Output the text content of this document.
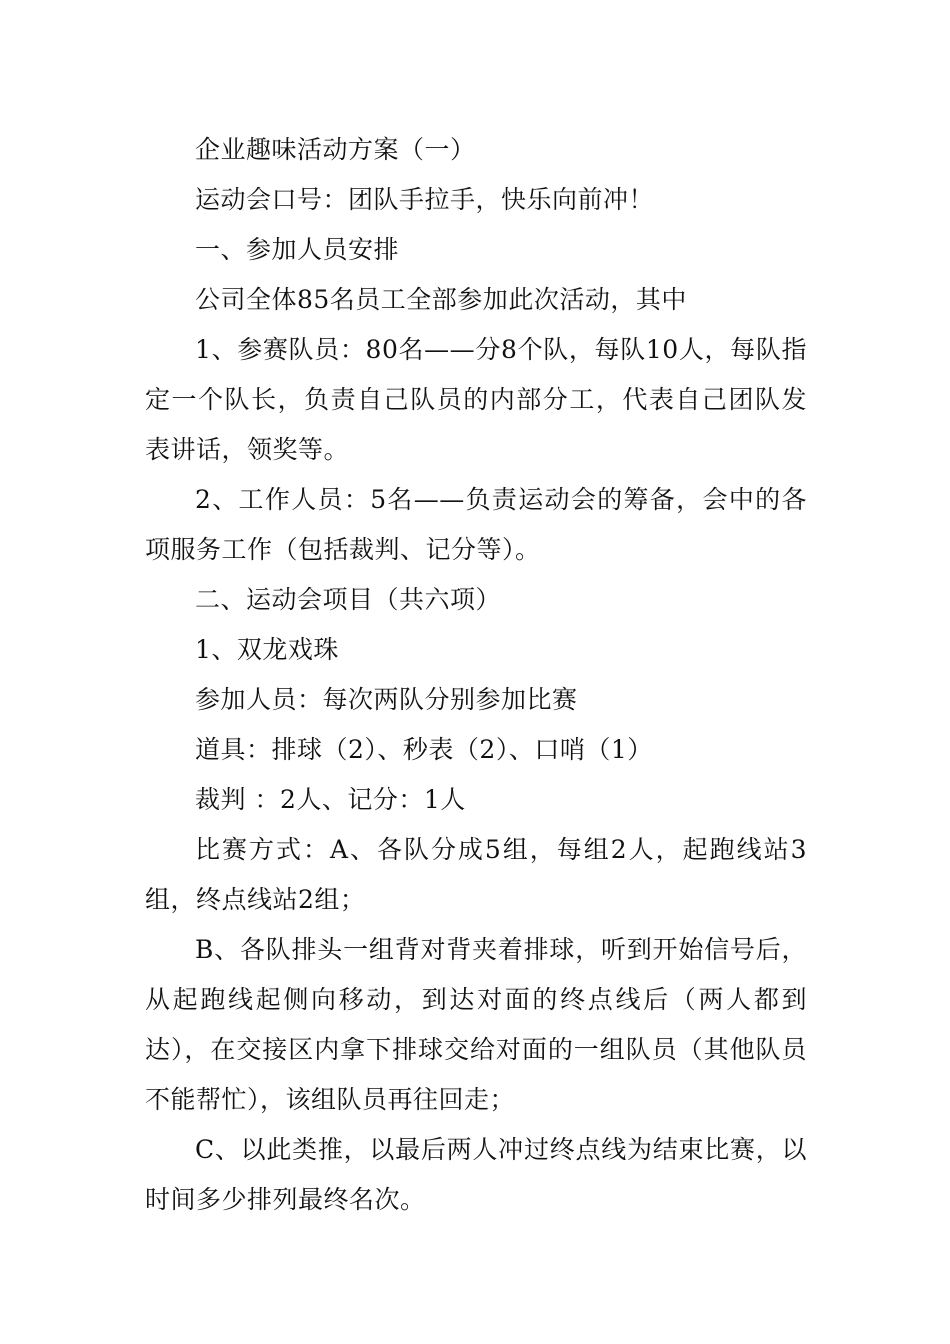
企业趣味活动方案（一）

运动会口号：团队手拉手，快乐向前冲！

一、参加人员安排

公司全体85名员工全部参加此次活动，其中

1、参赛队员：80名——分8个队，每队10人，每队指定一个队长，负责自己队员的内部分工，代表自己团队发表讲话，领奖等。

2、工作人员：5名——负责运动会的筹备，会中的各项服务工作（包括裁判、记分等）。

二、运动会项目（共六项）

1、双龙戏珠

参加人员：每次两队分别参加比赛

道具：排球（2）、秒表（2）、口哨（1）

裁判 ：2人、记分：1人

比赛方式：A、各队分成5组，每组2人，起跑线站3组，终点线站2组；

B、各队排头一组背对背夹着排球，听到开始信号后，从起跑线起侧向移动，到达对面的终点线后（两人都到达），在交接区内拿下排球交给对面的一组队员（其他队员不能帮忙），该组队员再往回走；

C、以此类推，以最后两人冲过终点线为结束比赛，以时间多少排列最终名次。
